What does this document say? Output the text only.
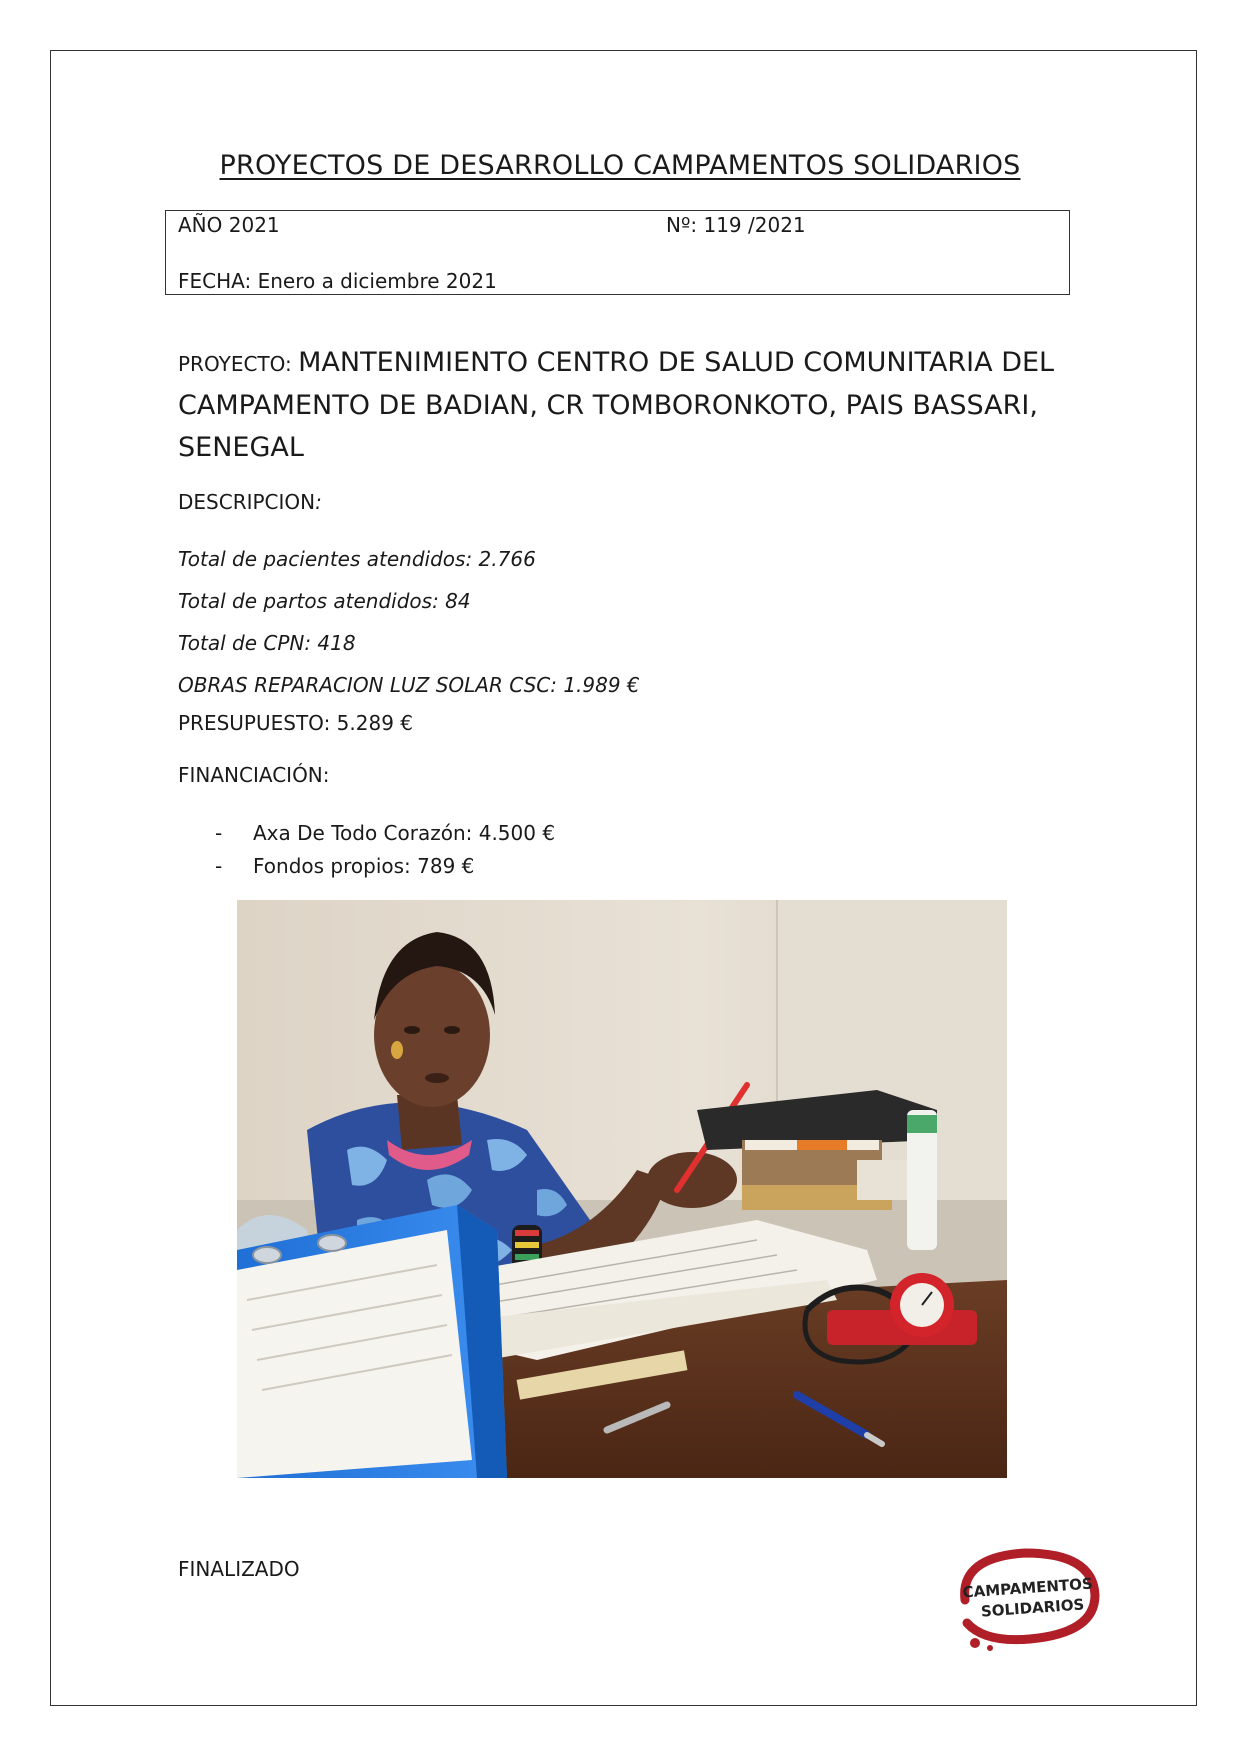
PROYECTOS DE DESARROLLO CAMPAMENTOS SOLIDARIOS
AÑO 2021	Nº: 119 /2021
FECHA: Enero a diciembre 2021
PROYECTO: MANTENIMIENTO CENTRO DE SALUD COMUNITARIA DEL CAMPAMENTO DE BADIAN, CR TOMBORONKOTO, PAIS BASSARI, SENEGAL
DESCRIPCION:
Total de pacientes atendidos: 2.766
Total de partos atendidos: 84
Total de CPN: 418
OBRAS REPARACION LUZ SOLAR CSC: 1.989 €
PRESUPUESTO: 5.289 €
FINANCIACIÓN:
- Axa De Todo Corazón: 4.500 €
- Fondos propios: 789 €
FINALIZADO
CAMPAMENTOS
SOLIDARIOS
